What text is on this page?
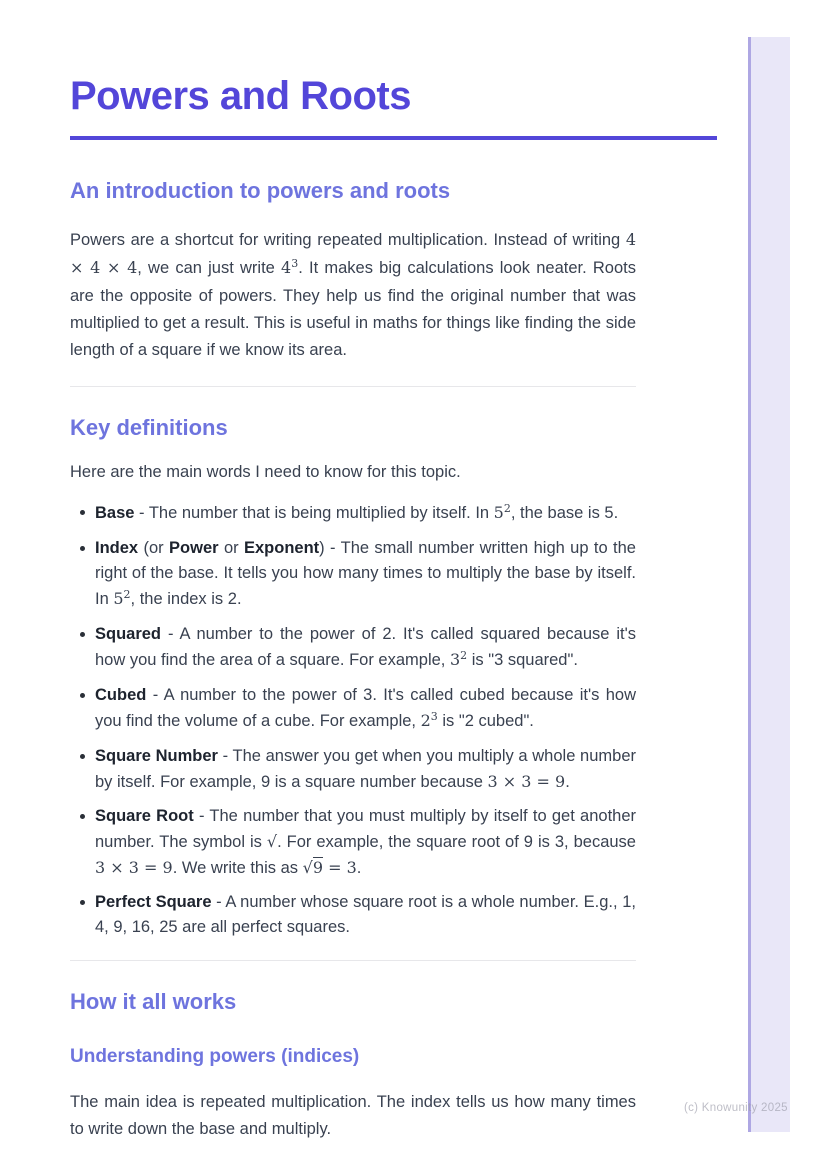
(c) Knowunity 2025
Powers and Roots
An introduction to powers and roots

Powers are a shortcut for writing repeated multiplication. Instead of writing 4 × 4 × 4, we can just write $4^3$. It makes big calculations look neater. Roots are the opposite of powers. They help us find the original number that was multiplied to get a result. This is useful in maths for things like finding the side length of a square if we know its area.

Key definitions

Here are the main words I need to know for this topic.

Base - The number that is being multiplied by itself. In $5^2$, the base is 5.
Index (or Power or Exponent) - The small number written high up to the right of the base. It tells you how many times to multiply the base by itself. In $5^2$, the index is 2.
Squared - A number to the power of 2. It's called squared because it's how you find the area of a square. For example, $3^2$ is "3 squared".
Cubed - A number to the power of 3. It's called cubed because it's how you find the volume of a cube. For example, $2^3$ is "2 cubed".
Square Number - The answer you get when you multiply a whole number by itself. For example, 9 is a square number because 3 × 3 = 9.
Square Root - The number that you must multiply by itself to get another number. The symbol is √. For example, the square root of 9 is 3, because 3 × 3 = 9. We write this as √9 = 3.
Perfect Square - A number whose square root is a whole number. E.g., 1, 4, 9, 16, 25 are all perfect squares.
How it all works
Understanding powers (indices)

The main idea is repeated multiplication. The index tells us how many times to write down the base and multiply.
